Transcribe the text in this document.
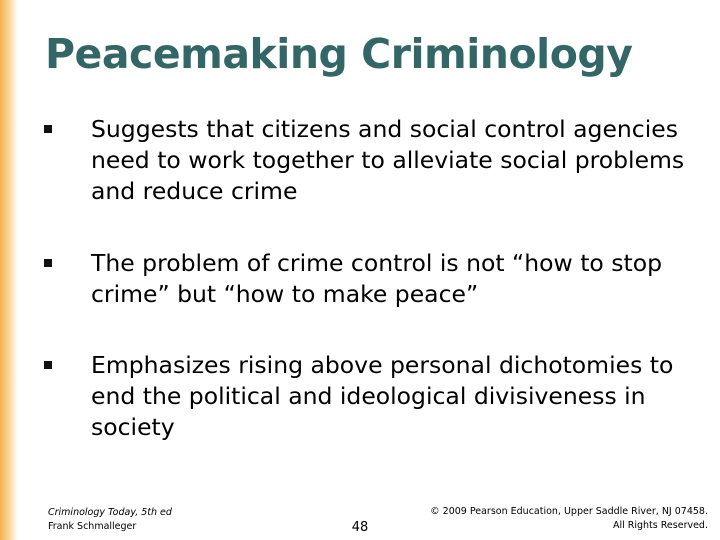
Peacemaking Criminology
Suggests that citizens and social control agencies need to work together to alleviate social problems and reduce crime
The problem of crime control is not “how to stop crime” but “how to make peace”
Emphasizes rising above personal dichotomies to end the political and ideological divisiveness in society
Criminology Today, 5th ed
Frank Schmalleger	48
© 2009 Pearson Education, Upper Saddle River, NJ 07458.
All Rights Reserved.
